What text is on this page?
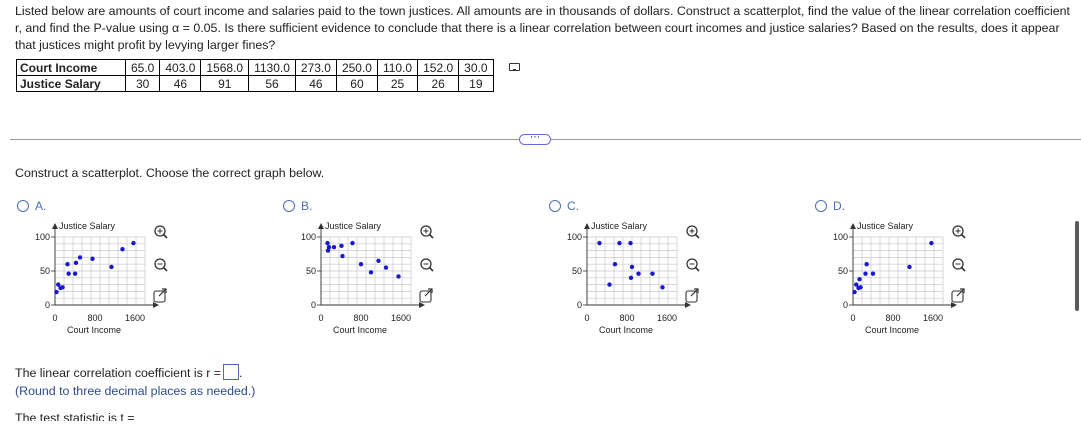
Listed below are amounts of court income and salaries paid to the town justices. All amounts are in thousands of dollars. Construct a scatterplot, find the value of the linear correlation coefficient r, and find the P-value using α = 0.05. Is there sufficient evidence to conclude that there is a linear correlation between court incomes and justice salaries? Based on the results, does it appear that justices might profit by levying larger fines?
Court Income	65.0	403.0	1568.0	1130.0	273.0	250.0	110.0	152.0	30.0
Justice Salary	30	46	91	56	46	60	25	26	19
⋯
Construct a scatterplot. Choose the correct graph below.
A.
0
50
100
0	800 1600
Justice Salary
Court Income
B.
0
50
100
0	800 1600
Justice Salary
Court Income
C.
0
50
100
0	800 1600
Justice Salary
Court Income
D.
0
50
100
0	800 1600
Justice Salary
Court Income
The linear correlation coefficient is r = .
(Round to three decimal places as needed.)
The test statistic is t =
